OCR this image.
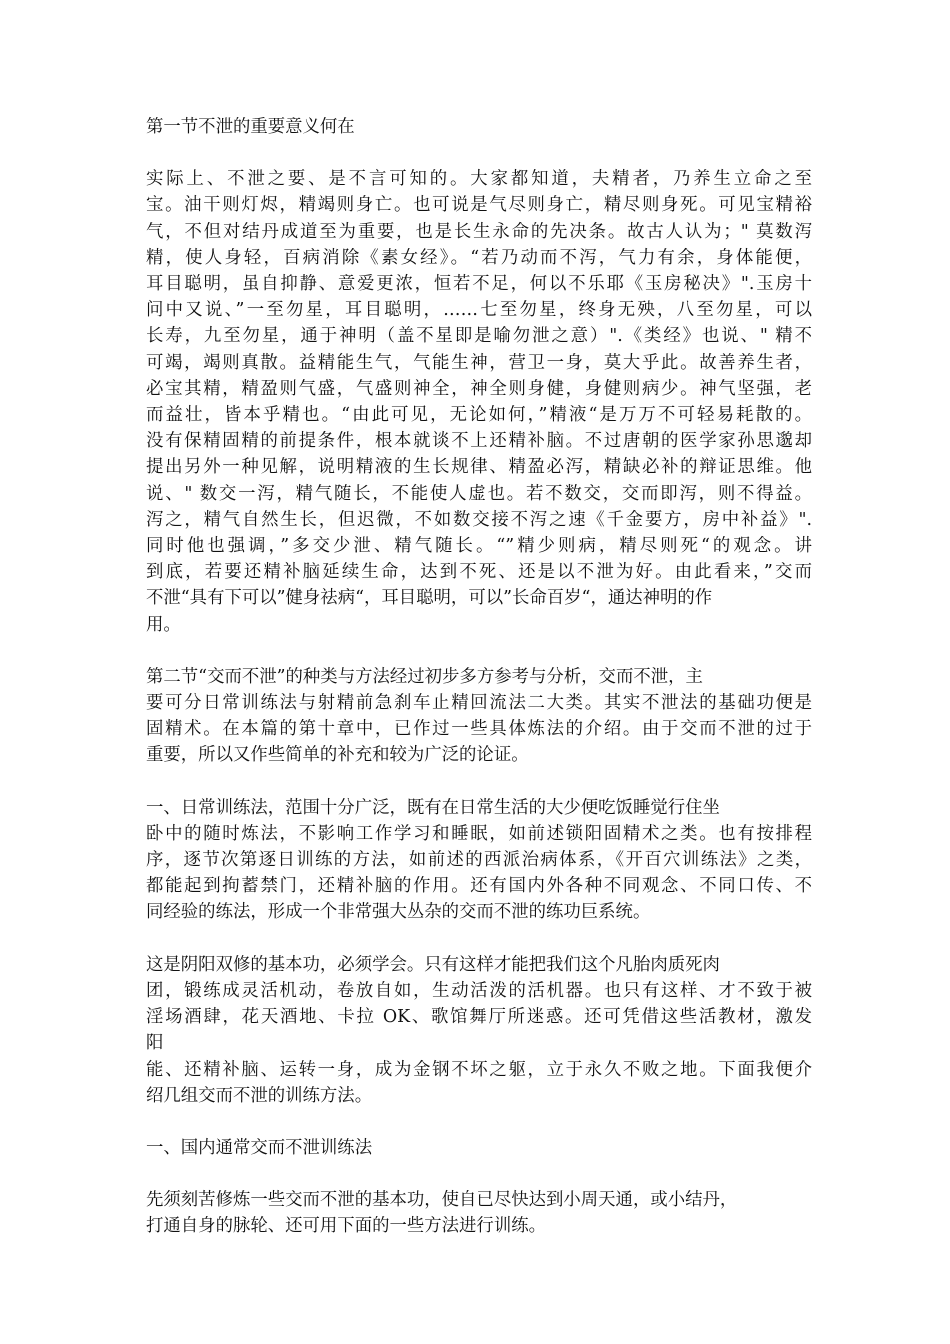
第一节不泄的重要意义何在
实际上、不泄之要、是不言可知的。大家都知道，夫精者，乃养生立命之至
宝。油干则灯烬，精竭则身亡。也可说是气尽则身亡，精尽则身死。可见宝精裕
气，不但对结丹成道至为重要，也是长生永命的先决条。故古人认为；" 莫数泻
精，使人身轻，百病消除《素女经》。“若乃动而不泻，气力有余，身体能便，
耳目聪明，虽自抑静、意爱更浓，恒若不足，何以不乐耶《玉房秘决》".玉房十
问中又说、”一至勿星，耳目聪明，……七至勿星，终身无殃，八至勿星，可以
长寿，九至勿星，通于神明（盖不星即是喻勿泄之意）".《类经》也说、" 精不
可竭，竭则真散。益精能生气，气能生神，营卫一身，莫大乎此。故善养生者，
必宝其精，精盈则气盛，气盛则神全，神全则身健，身健则病少。神气坚强，老
而益壮，皆本乎精也。“由此可见，无论如何，”精液“是万万不可轻易耗散的。
没有保精固精的前提条件，根本就谈不上还精补脑。不过唐朝的医学家孙思邈却
提出另外一种见解，说明精液的生长规律、精盈必泻，精缺必补的辩证思维。他
说、" 数交一泻，精气随长，不能使人虚也。若不数交，交而即泻，则不得益。
泻之，精气自然生长，但迟微，不如数交接不泻之速《千金要方，房中补益》".
同时他也强调，”多交少泄、精气随长。“”精少则病，精尽则死“的观念。讲
到底，若要还精补脑延续生命，达到不死、还是以不泄为好。由此看来，”交而
不泄“具有下可以”健身祛病“，耳目聪明，可以”长命百岁“，通达神明的作
用。
第二节“交而不泄”的种类与方法经过初步多方参考与分析，交而不泄，主
要可分日常训练法与射精前急刹车止精回流法二大类。其实不泄法的基础功便是
固精术。在本篇的第十章中，已作过一些具体炼法的介绍。由于交而不泄的过于
重要，所以又作些简单的补充和较为广泛的论证。
一、日常训练法，范围十分广泛，既有在日常生活的大少便吃饭睡觉行住坐
卧中的随时炼法，不影响工作学习和睡眠，如前述锁阳固精术之类。也有按排程
序，逐节次第逐日训练的方法，如前述的西派治病体系，《开百穴训练法》之类，
都能起到拘蓄禁门，还精补脑的作用。还有国内外各种不同观念、不同口传、不
同经验的练法，形成一个非常强大丛杂的交而不泄的练功巨系统。
这是阴阳双修的基本功，必须学会。只有这样才能把我们这个凡胎肉质死肉
团，锻练成灵活机动，卷放自如，生动活泼的活机器。也只有这样、才不致于被
淫场酒肆，花天酒地、卡拉 OK、歌馆舞厅所迷惑。还可凭借这些活教材，激发
阳
能、还精补脑、运转一身，成为金钢不坏之躯，立于永久不败之地。下面我便介
绍几组交而不泄的训练方法。
一、国内通常交而不泄训练法
先须刻苦修炼一些交而不泄的基本功，使自已尽快达到小周天通，或小结丹，
打通自身的脉轮、还可用下面的一些方法进行训练。
